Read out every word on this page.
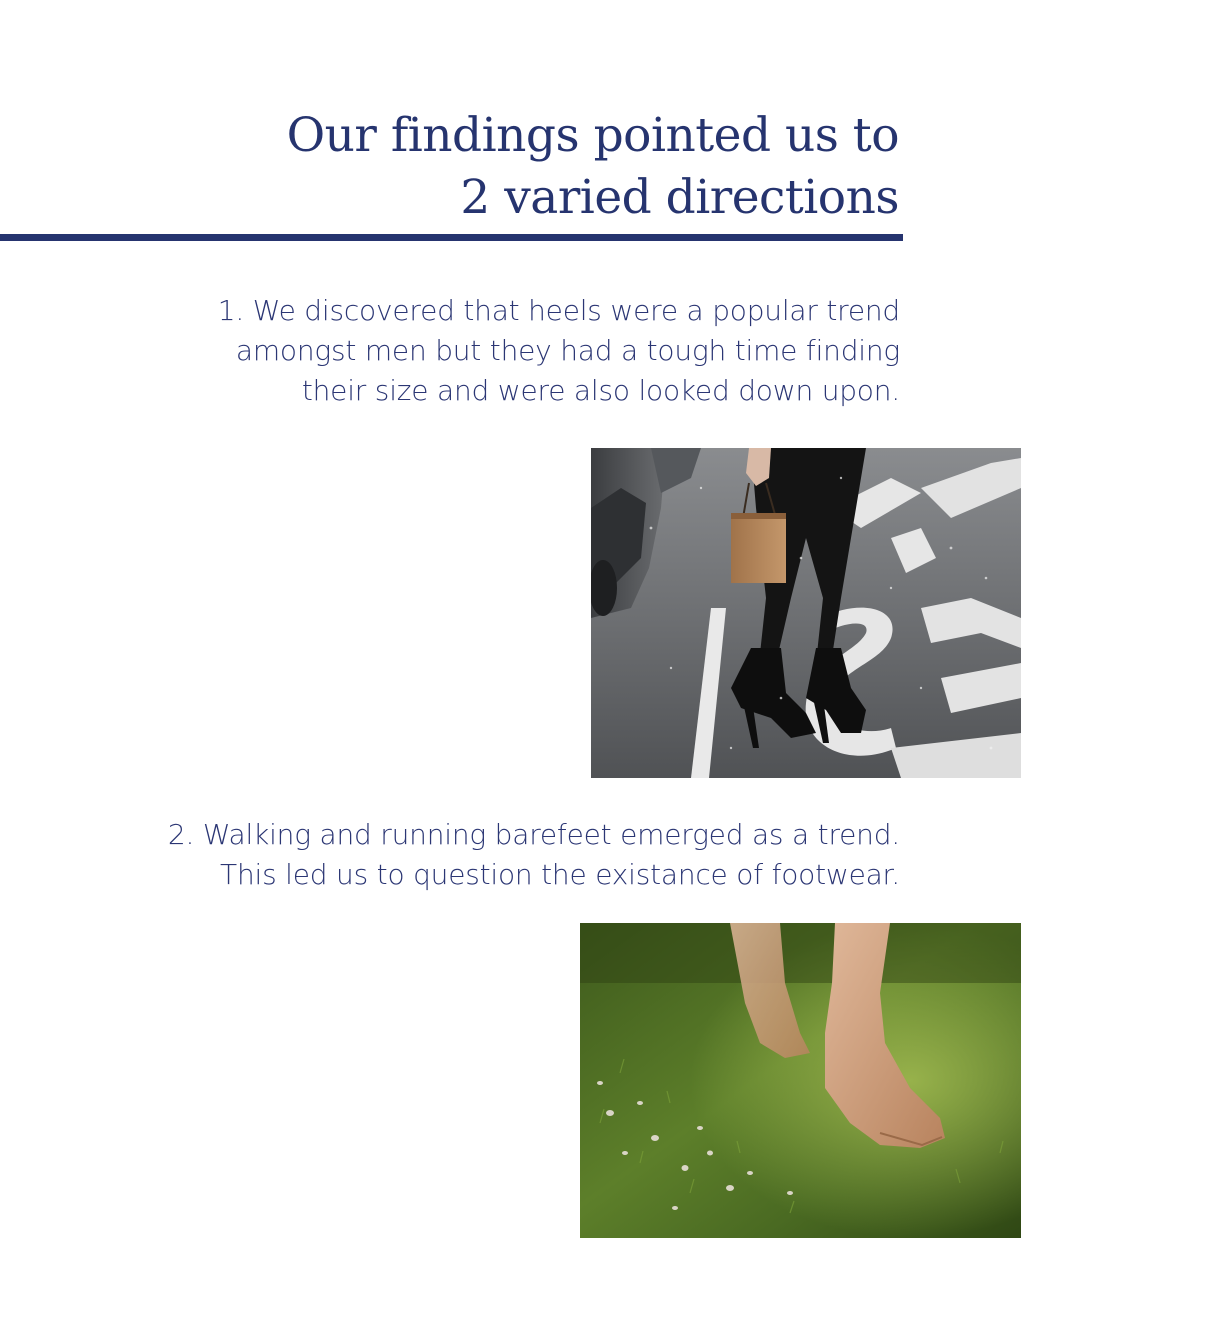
Our findings pointed us to
2 varied directions

1. We discovered that heels were a popular trend
amongst men but they had a tough time finding
their size and were also looked down upon.

2. Walking and running barefeet emerged as a trend.
This led us to question the existance of footwear.
